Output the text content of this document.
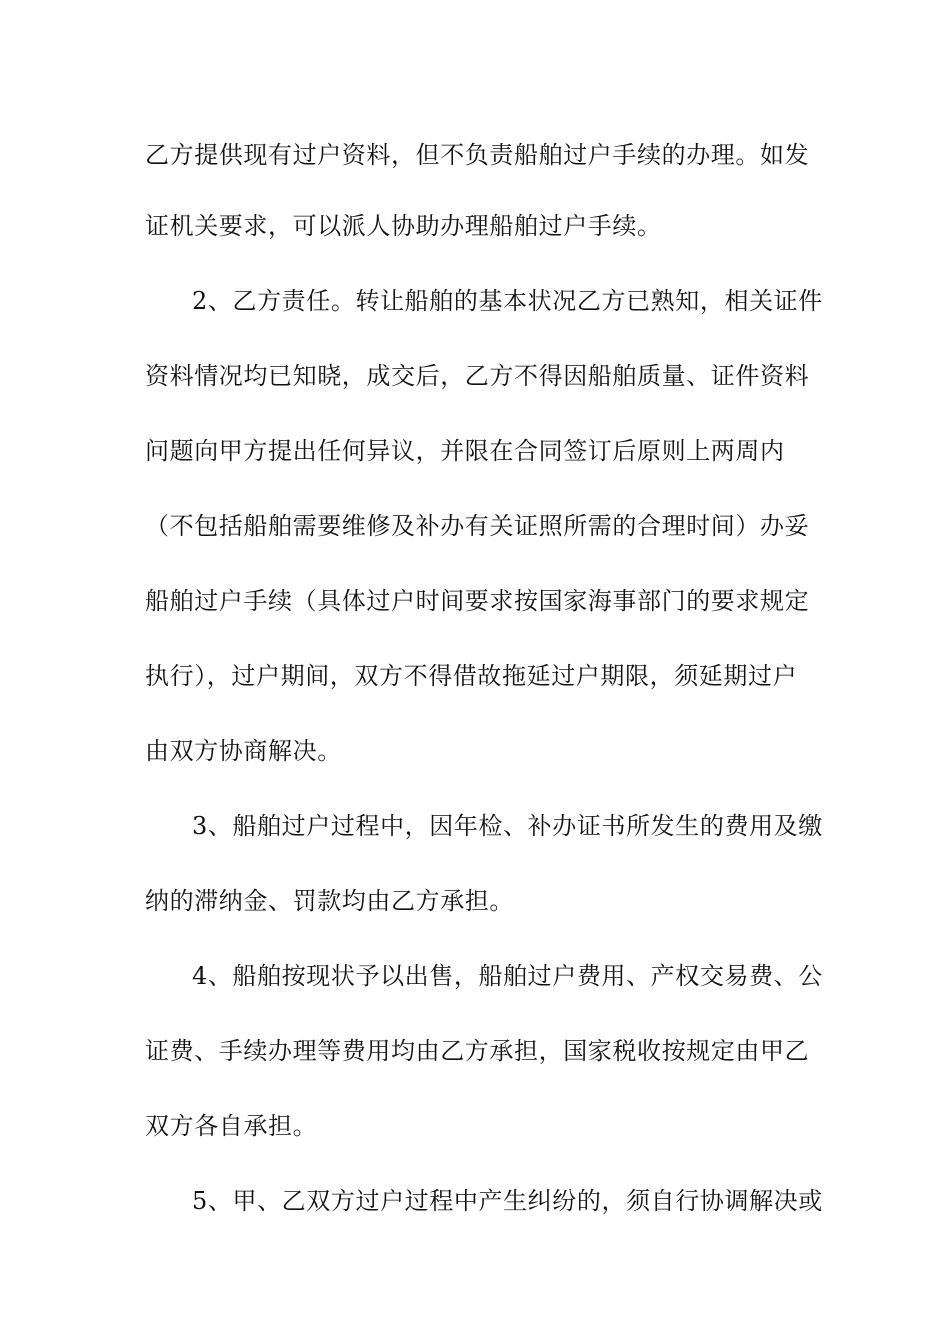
乙方提供现有过户资料，但不负责船舶过户手续的办理。如发

证机关要求，可以派人协助办理船舶过户手续。

2、乙方责任。转让船舶的基本状况乙方已熟知，相关证件

资料情况均已知晓，成交后，乙方不得因船舶质量、证件资料

问题向甲方提出任何异议，并限在合同签订后原则上两周内

（不包括船舶需要维修及补办有关证照所需的合理时间）办妥

船舶过户手续（具体过户时间要求按国家海事部门的要求规定

执行），过户期间，双方不得借故拖延过户期限，须延期过户

由双方协商解决。

3、船舶过户过程中，因年检、补办证书所发生的费用及缴

纳的滞纳金、罚款均由乙方承担。

4、船舶按现状予以出售，船舶过户费用、产权交易费、公

证费、手续办理等费用均由乙方承担，国家税收按规定由甲乙

双方各自承担。

5、甲、乙双方过户过程中产生纠纷的，须自行协调解决或
